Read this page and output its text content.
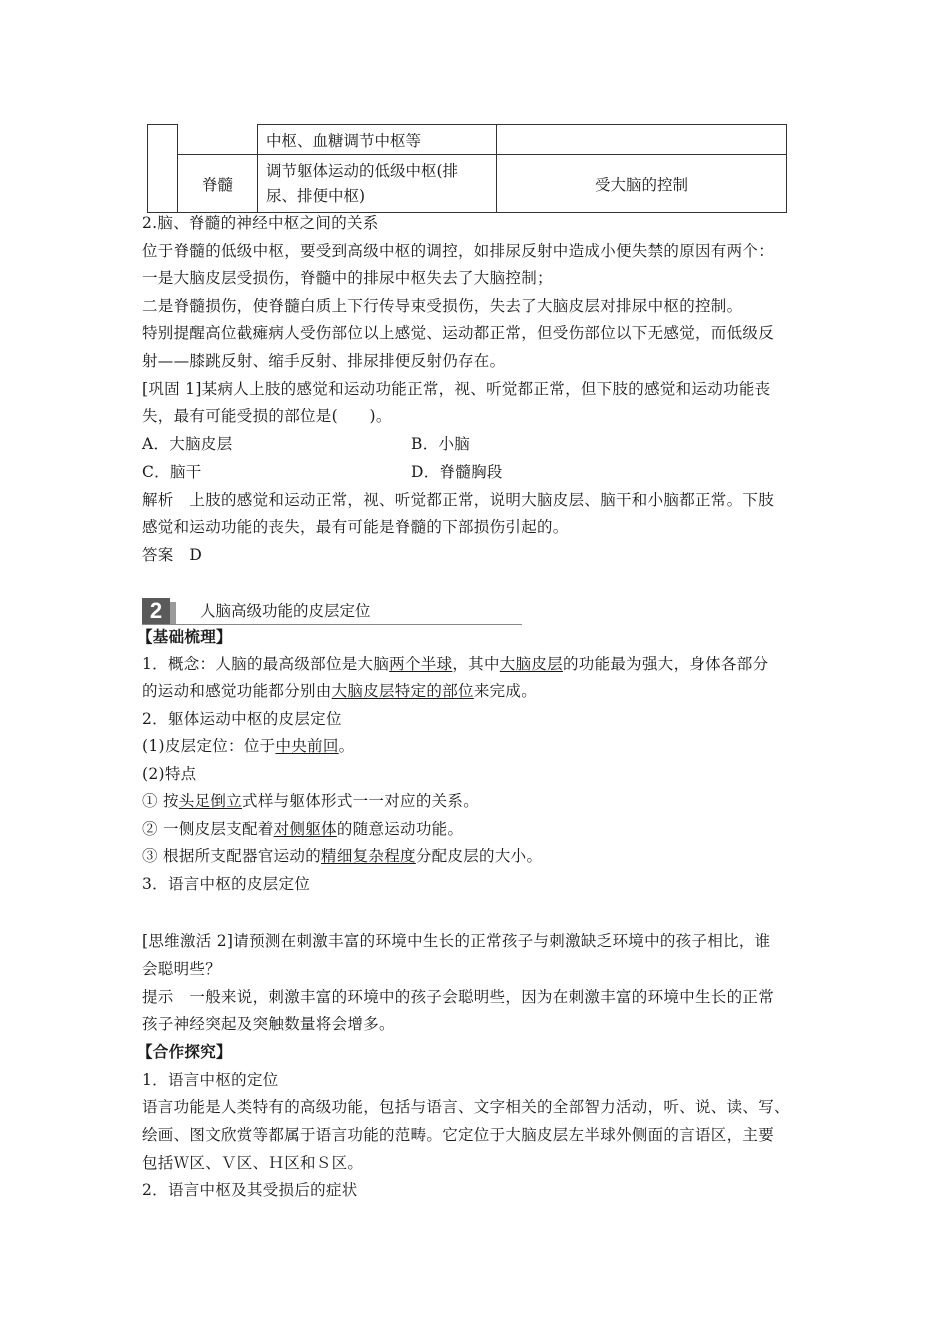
		中枢、血糖调节中枢等	
	脊髓	调节躯体运动的低级中枢(排
尿、排便中枢)	受大脑的控制
2.脑、脊髓的神经中枢之间的关系
位于脊髓的低级中枢，要受到高级中枢的调控，如排尿反射中造成小便失禁的原因有两个：
一是大脑皮层受损伤，脊髓中的排尿中枢失去了大脑控制；
二是脊髓损伤，使脊髓白质上下行传导束受损伤，失去了大脑皮层对排尿中枢的控制。
特别提醒高位截瘫病人受伤部位以上感觉、运动都正常，但受伤部位以下无感觉，而低级反
射——膝跳反射、缩手反射、排尿排便反射仍存在。
[巩固 1]某病人上肢的感觉和运动功能正常，视、听觉都正常，但下肢的感觉和运动功能丧
失，最有可能受损的部位是(　　)。
A．大脑皮层	B．小脑
C．脑干	D．脊髓胸段
解析　上肢的感觉和运动正常，视、听觉都正常，说明大脑皮层、脑干和小脑都正常。下肢
感觉和运动功能的丧失，最有可能是脊髓的下部损伤引起的。
答案　D
2	人脑高级功能的皮层定位
【基础梳理】
1．概念：人脑的最高级部位是大脑两个半球，其中大脑皮层的功能最为强大，身体各部分
的运动和感觉功能都分别由大脑皮层特定的部位来完成。
2．躯体运动中枢的皮层定位
(1)皮层定位：位于中央前回。
(2)特点
① 按头足倒立式样与躯体形式一一对应的关系。
② 一侧皮层支配着对侧躯体的随意运动功能。
③ 根据所支配器官运动的精细复杂程度分配皮层的大小。
3．语言中枢的皮层定位
[思维激活 2]请预测在刺激丰富的环境中生长的正常孩子与刺激缺乏环境中的孩子相比，谁
会聪明些？
提示　一般来说，刺激丰富的环境中的孩子会聪明些，因为在刺激丰富的环境中生长的正常
孩子神经突起及突触数量将会增多。
【合作探究】
1．语言中枢的定位
语言功能是人类特有的高级功能，包括与语言、文字相关的全部智力活动，听、说、读、写、
绘画、图文欣赏等都属于语言功能的范畴。它定位于大脑皮层左半球外侧面的言语区，主要
包括Ｗ区、Ｖ区、Ｈ区和Ｓ区。
2．语言中枢及其受损后的症状
